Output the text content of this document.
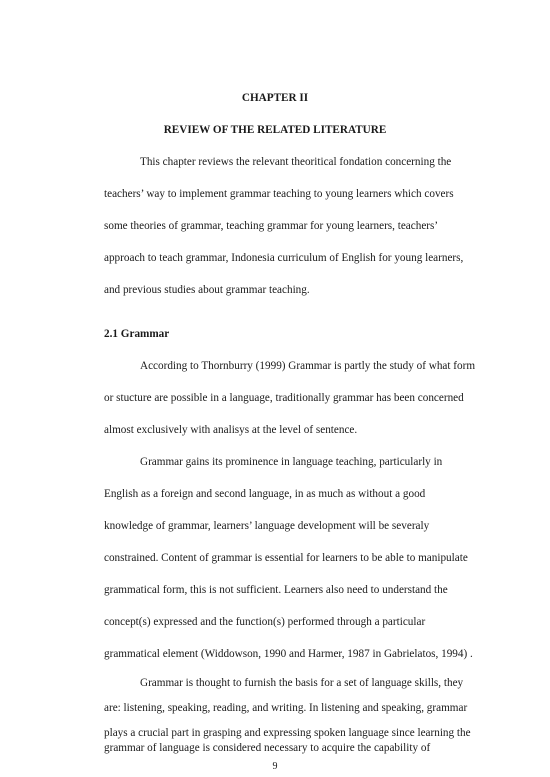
CHAPTER II
REVIEW OF THE RELATED LITERATURE
This chapter reviews the relevant theoritical fondation concerning the
teachers’ way to implement grammar teaching to young learners which covers
some theories of grammar, teaching grammar for young learners, teachers’
approach to teach grammar, Indonesia curriculum of English for young learners,
and previous studies about grammar teaching.
2.1 Grammar
According to Thornburry (1999) Grammar is partly the study of what form
or stucture are possible in a language, traditionally grammar has been concerned
almost exclusively with analisys at the level of sentence.
Grammar gains its prominence in language teaching, particularly in
English as a foreign and second language, in as much as without a good
knowledge of grammar, learners’ language development will be severaly
constrained. Content of grammar is essential for learners to be able to manipulate
grammatical form, this is not sufficient. Learners also need to understand the
concept(s) expressed and the function(s) performed through a particular
grammatical element (Widdowson, 1990 and Harmer, 1987 in Gabrielatos, 1994) .
Grammar is thought to furnish the basis for a set of language skills, they
are: listening, speaking, reading, and writing. In listening and speaking, grammar
plays a crucial part in grasping and expressing spoken language since learning the
grammar of language is considered necessary to acquire the capability of
9
